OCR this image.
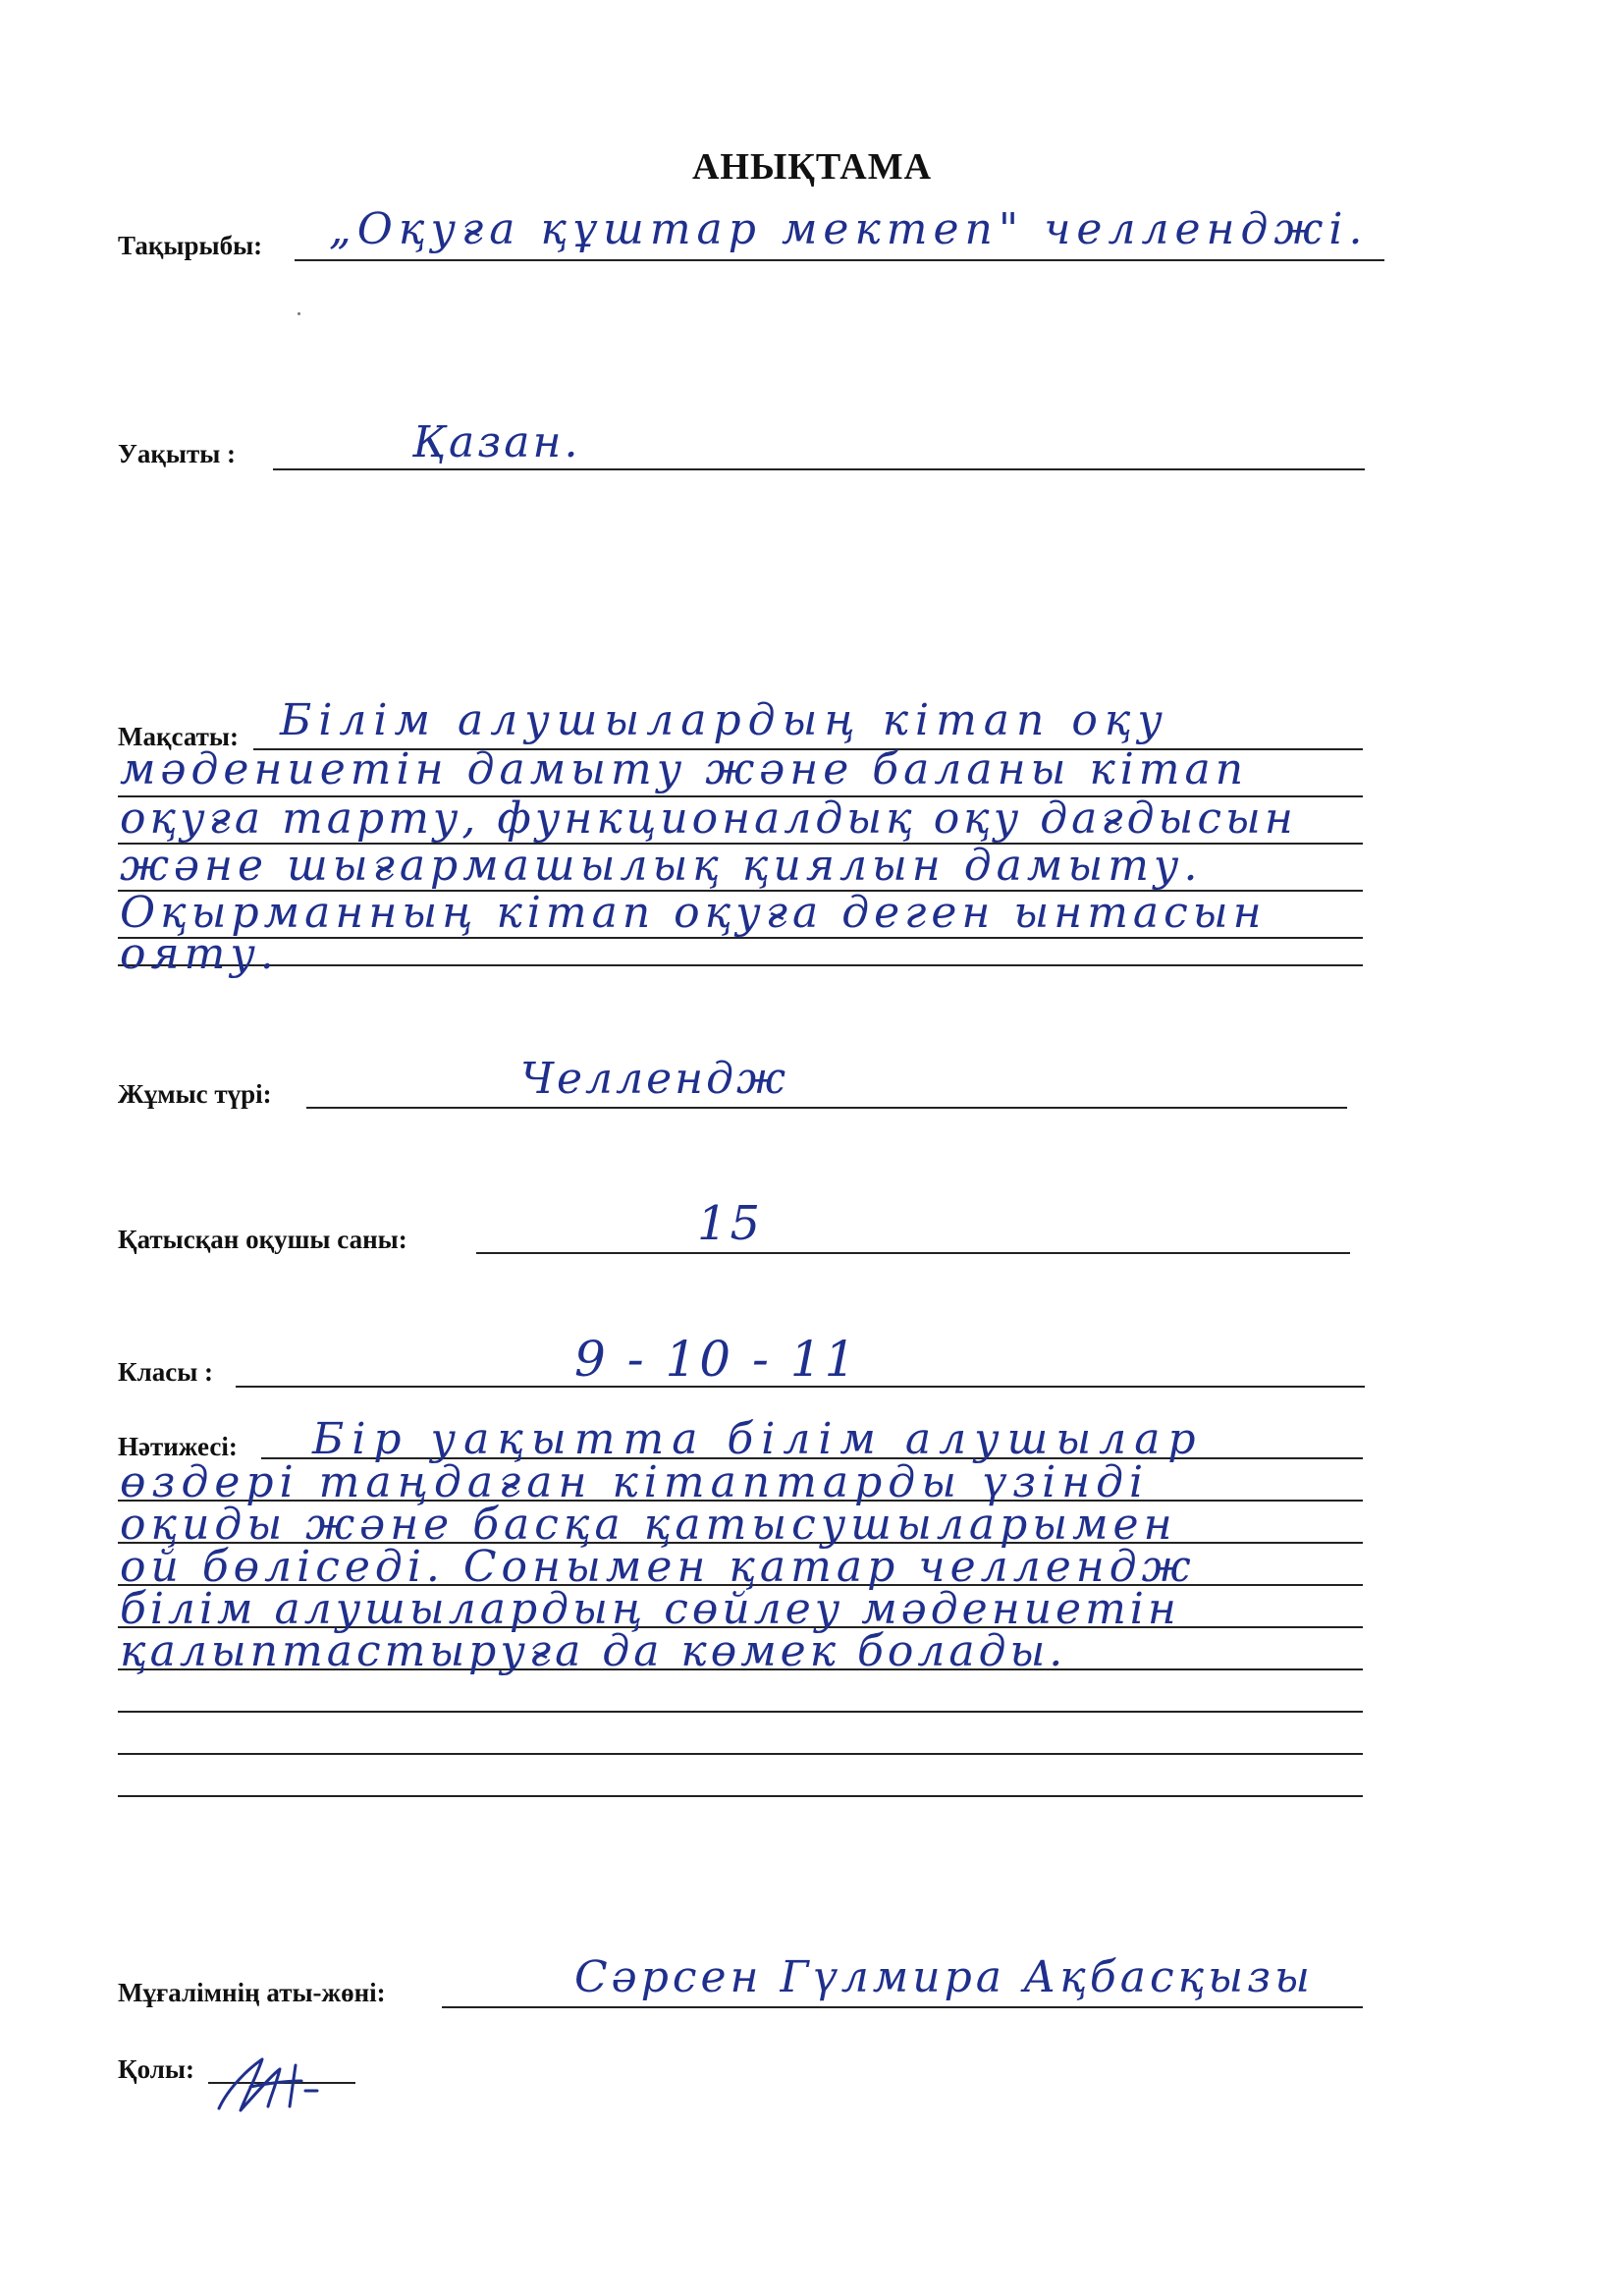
АНЫҚТАМА
Тақырыбы: „Оқуға құштар мектеп" челленджі.
Уақыты :	Қазан.
Мақсаты: Білім алушылардың кітап оқу
мәдениетін дамыту және баланы кітап
оқуға тарту, функционалдық оқу дағдысын
және шығармашылық қиялын дамыту.
Оқырманның кітап оқуға деген ынтасын
ояту.
Жұмыс түрі:	Челлендж
Қатысқан оқушы саны:	15
Класы :	9 - 10 - 11
Нәтижесі: Бір уақытта білім алушылар
өздері таңдаған кітаптарды үзінді
оқиды және басқа қатысушыларымен
ой бөліседі. Сонымен қатар челлендж
білім алушылардың сөйлеу мәдениетін
қалыптастыруға да көмек болады.
Мұғалімнің аты-жөні:	Сәрсен Гүлмира Ақбасқызы
Қолы:
